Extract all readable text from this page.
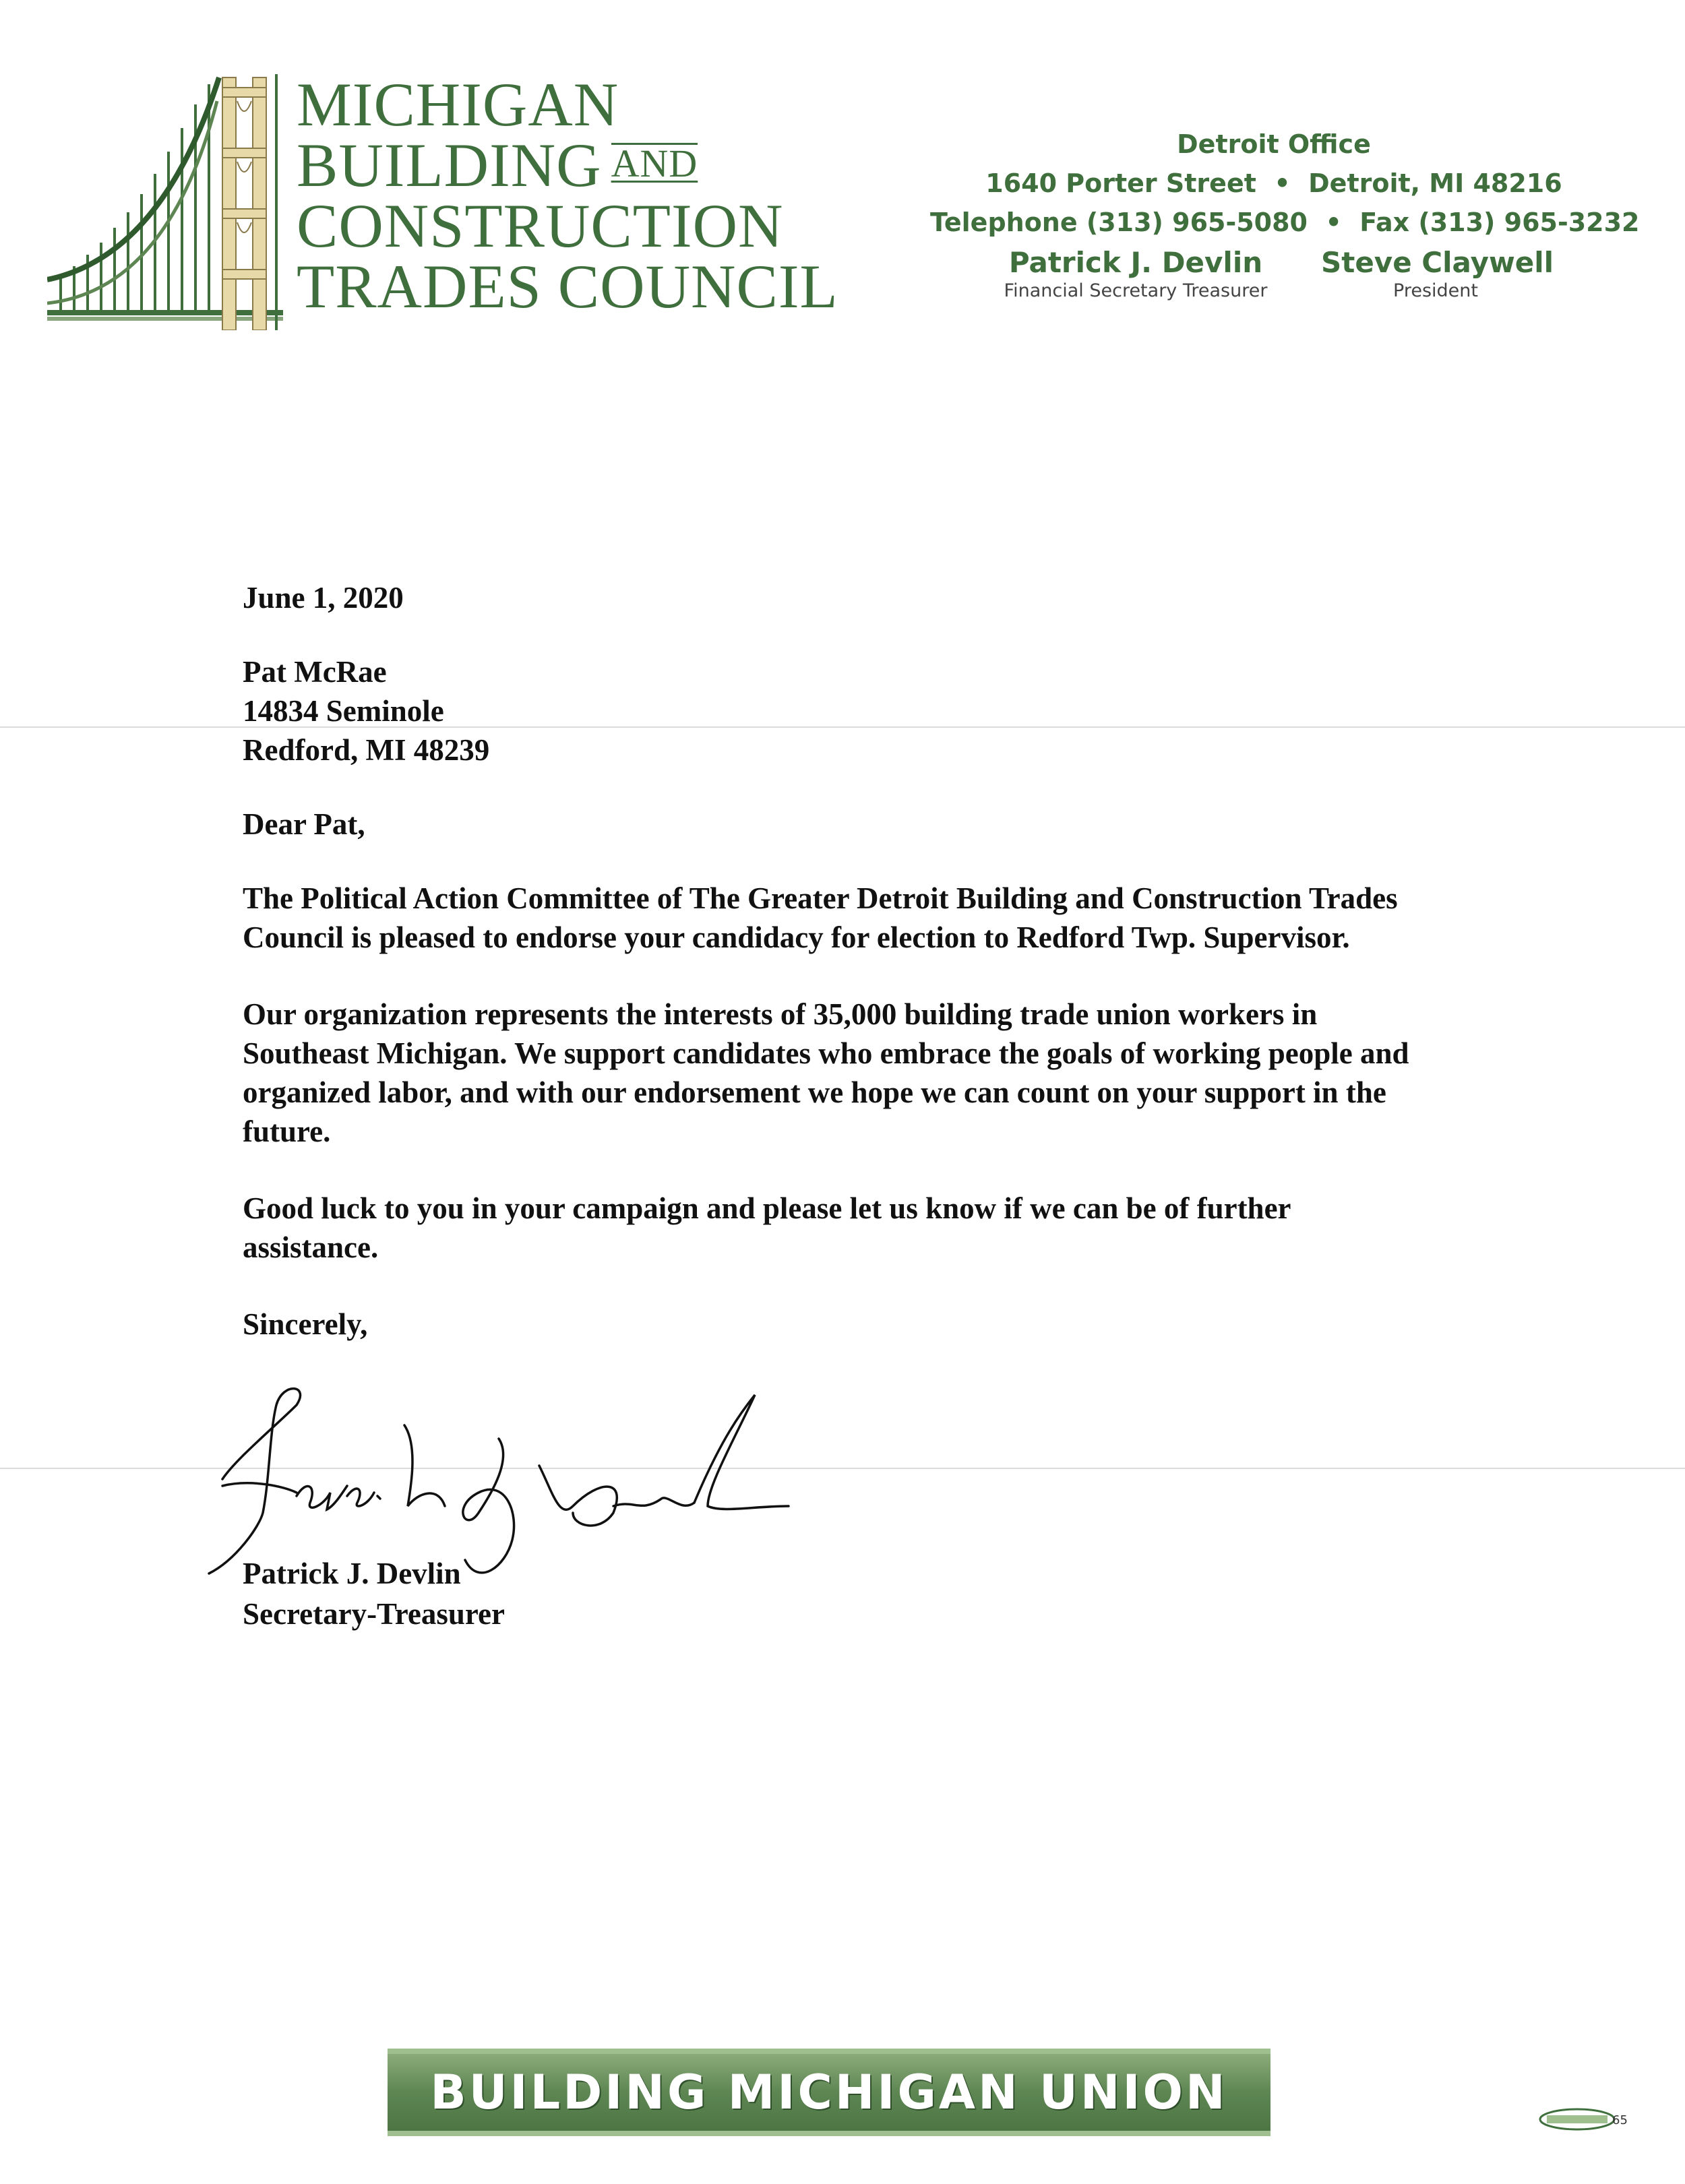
MICHIGAN
BUILDING AND
CONSTRUCTION
TRADES COUNCIL
Detroit Office
1640 Porter Street • Detroit, MI 48216
Telephone (313) 965-5080 • Fax (313) 965-3232
Patrick J. Devlin
Financial Secretary Treasurer
Steve Claywell
President

June 1, 2020

Pat McRae

14834 Seminole

Redford, MI 48239

Dear Pat,

The Political Action Committee of The Greater Detroit Building and Construction Trades Council is pleased to endorse your candidacy for election to Redford Twp. Supervisor.

Our organization represents the interests of 35,000 building trade union workers in Southeast Michigan. We support candidates who embrace the goals of working people and organized labor, and with our endorsement we hope we can count on your support in the future.

Good luck to you in your campaign and please let us know if we can be of further assistance.

Sincerely,

Patrick J. Devlin
Secretary-Treasurer
BUILDING MICHIGAN UNION
65
